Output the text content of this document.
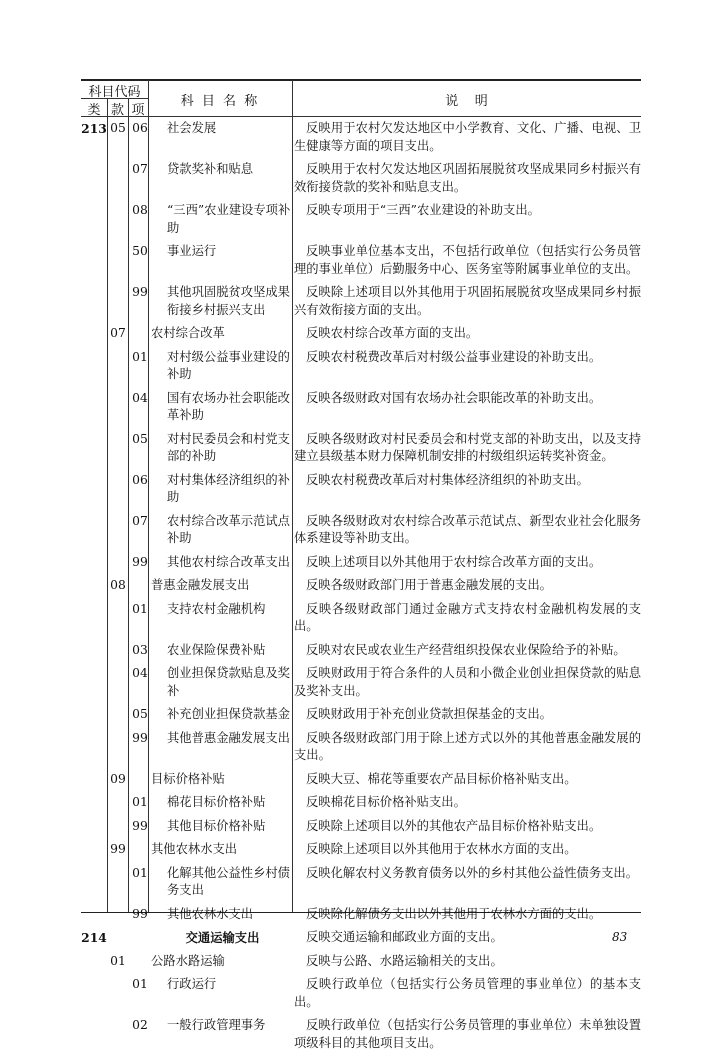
科目代码
类 款 项
科 目 名 称	说    明
213	05	06	社会发展	反映用于农村欠发达地区中小学教育、文化、广播、电视、卫生健康等方面的项目支出。

		07	贷款奖补和贴息	反映用于农村欠发达地区巩固拓展脱贫攻坚成果同乡村振兴有效衔接贷款的奖补和贴息支出。

		08	“三西”农业建设专项补助	反映专项用于“三西”农业建设的补助支出。

		50	事业运行	反映事业单位基本支出，不包括行政单位（包括实行公务员管理的事业单位）后勤服务中心、医务室等附属事业单位的支出。

		99	其他巩固脱贫攻坚成果衔接乡村振兴支出	反映除上述项目以外其他用于巩固拓展脱贫攻坚成果同乡村振兴有效衔接方面的支出。

	07		农村综合改革	反映农村综合改革方面的支出。

		01	对村级公益事业建设的补助	反映农村税费改革后对村级公益事业建设的补助支出。

		04	国有农场办社会职能改革补助	反映各级财政对国有农场办社会职能改革的补助支出。

		05	对村民委员会和村党支部的补助	反映各级财政对村民委员会和村党支部的补助支出，以及支持建立县级基本财力保障机制安排的村级组织运转奖补资金。

		06	对村集体经济组织的补助	反映农村税费改革后对村集体经济组织的补助支出。

		07	农村综合改革示范试点补助	反映各级财政对农村综合改革示范试点、新型农业社会化服务体系建设等补助支出。

		99	其他农村综合改革支出	反映上述项目以外其他用于农村综合改革方面的支出。

	08		普惠金融发展支出	反映各级财政部门用于普惠金融发展的支出。

		01	支持农村金融机构	反映各级财政部门通过金融方式支持农村金融机构发展的支出。

		03	农业保险保费补贴	反映对农民或农业生产经营组织投保农业保险给予的补贴。

		04	创业担保贷款贴息及奖补	反映财政用于符合条件的人员和小微企业创业担保贷款的贴息及奖补支出。

		05	补充创业担保贷款基金	反映财政用于补充创业贷款担保基金的支出。

		99	其他普惠金融发展支出	反映各级财政部门用于除上述方式以外的其他普惠金融发展的支出。

	09		目标价格补贴	反映大豆、棉花等重要农产品目标价格补贴支出。

		01	棉花目标价格补贴	反映棉花目标价格补贴支出。

		99	其他目标价格补贴	反映除上述项目以外的其他农产品目标价格补贴支出。

	99		其他农林水支出	反映除上述项目以外其他用于农林水方面的支出。

		01	化解其他公益性乡村债务支出	反映化解农村义务教育债务以外的乡村其他公益性债务支出。

		99	其他农林水支出	反映除化解债务支出以外其他用于农林水方面的支出。

214			交通运输支出	反映交通运输和邮政业方面的支出。

	01		公路水路运输	反映与公路、水路运输相关的支出。

		01	行政运行	反映行政单位（包括实行公务员管理的事业单位）的基本支出。

		02	一般行政管理事务	反映行政单位（包括实行公务员管理的事业单位）未单独设置项级科目的其他项目支出。
83
